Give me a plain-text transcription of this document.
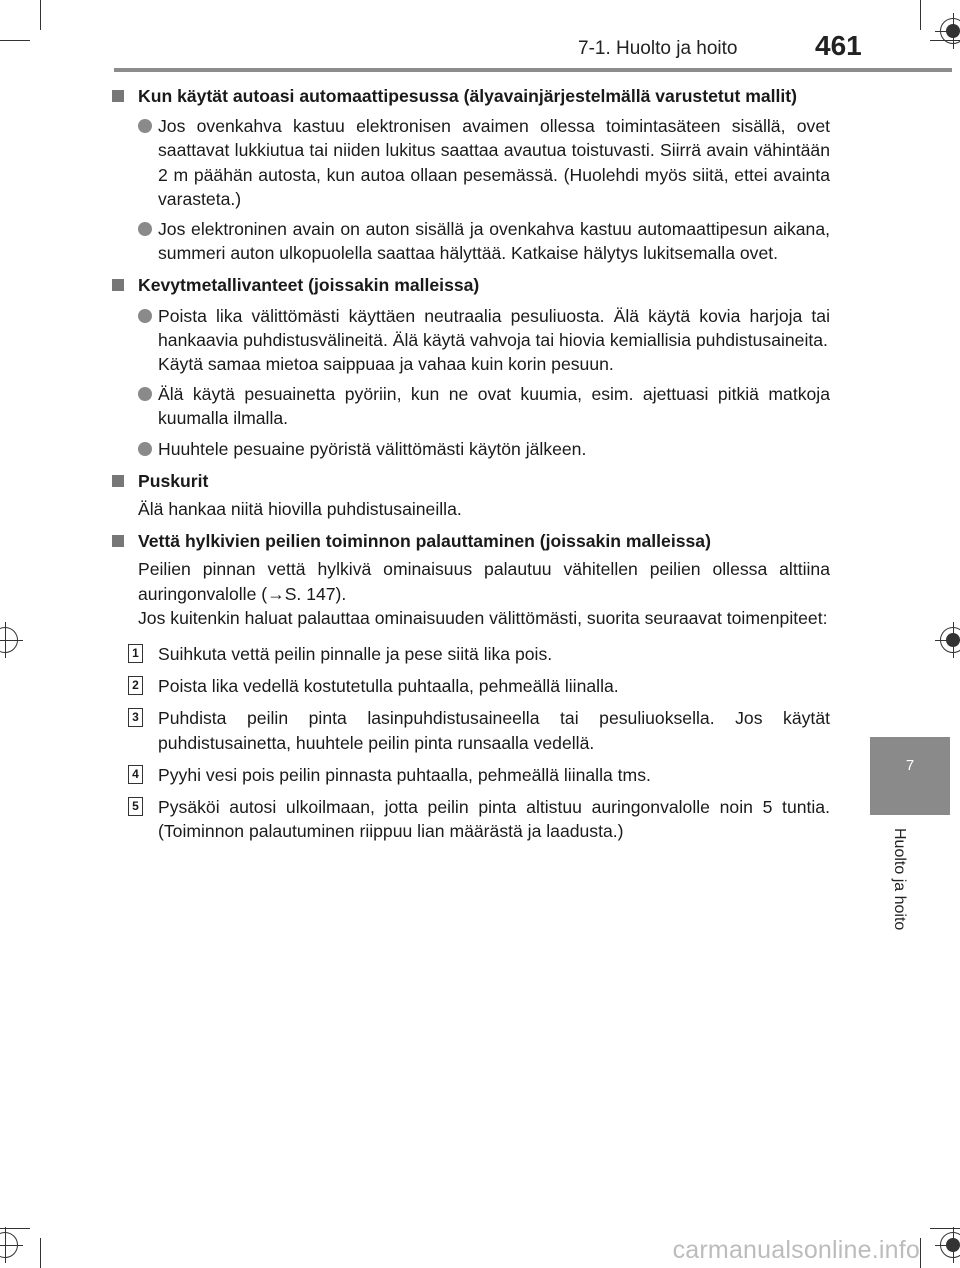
7-1. Huolto ja hoito	461
7
Huolto ja hoito
Kun käytät autoasi automaattipesussa (älyavainjärjestelmällä varustetut mallit)
Jos ovenkahva kastuu elektronisen avaimen ollessa toimintasäteen sisällä, ovet saattavat lukkiutua tai niiden lukitus saattaa avautua toistuvasti. Siirrä avain vähintään 2 m päähän autosta, kun autoa ollaan pesemässä. (Huolehdi myös siitä, ettei avainta varasteta.)
Jos elektroninen avain on auton sisällä ja ovenkahva kastuu automaattipesun aikana, summeri auton ulkopuolella saattaa hälyttää. Katkaise hälytys lukitsemalla ovet.
Kevytmetallivanteet (joissakin malleissa)
Poista lika välittömästi käyttäen neutraalia pesuliuosta. Älä käytä kovia harjoja tai hankaavia puhdistusvälineitä. Älä käytä vahvoja tai hiovia kemiallisia puhdistusaineita.
Käytä samaa mietoa saippuaa ja vahaa kuin korin pesuun.
Älä käytä pesuainetta pyöriin, kun ne ovat kuumia, esim. ajettuasi pitkiä matkoja kuumalla ilmalla.
Huuhtele pesuaine pyöristä välittömästi käytön jälkeen.
Puskurit
Älä hankaa niitä hiovilla puhdistusaineilla.
Vettä hylkivien peilien toiminnon palauttaminen (joissakin malleissa)
Peilien pinnan vettä hylkivä ominaisuus palautuu vähitellen peilien ollessa alttiina auringonvalolle (→S. 147).
Jos kuitenkin haluat palauttaa ominaisuuden välittömästi, suorita seuraavat toimenpiteet:
1 Suihkuta vettä peilin pinnalle ja pese siitä lika pois.
2 Poista lika vedellä kostutetulla puhtaalla, pehmeällä liinalla.
3 Puhdista peilin pinta lasinpuhdistusaineella tai pesuliuoksella. Jos käytät puhdistusainetta, huuhtele peilin pinta runsaalla vedellä.
4 Pyyhi vesi pois peilin pinnasta puhtaalla, pehmeällä liinalla tms.
5 Pysäköi autosi ulkoilmaan, jotta peilin pinta altistuu auringonvalolle noin 5 tuntia. (Toiminnon palautuminen riippuu lian määrästä ja laadusta.)
carmanualsonline.info
